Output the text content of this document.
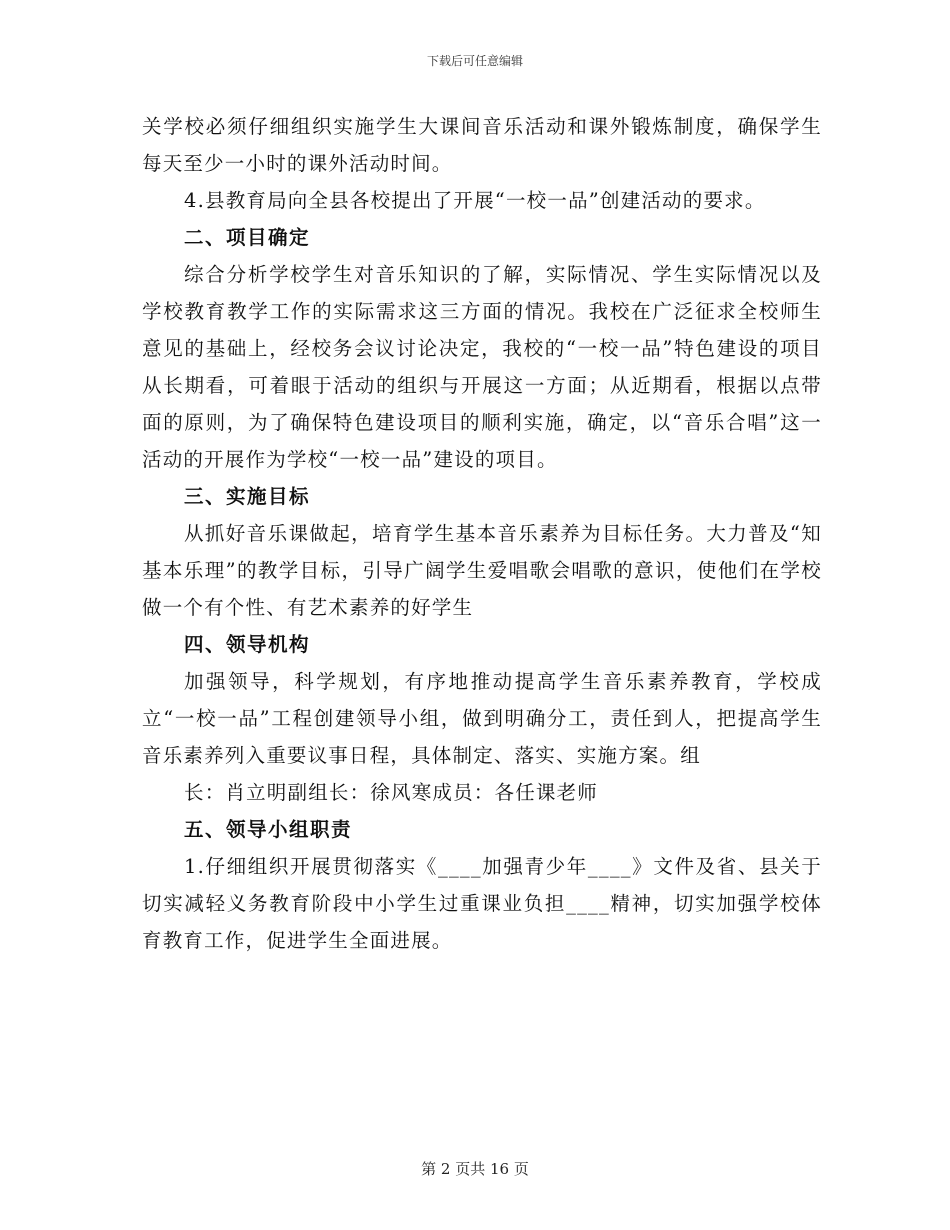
下载后可任意编辑

关学校必须仔细组织实施学生大课间音乐活动和课外锻炼制度，确保学生每天至少一小时的课外活动时间。

4.县教育局向全县各校提出了开展“一校一品”创建活动的要求。

二、项目确定

综合分析学校学生对音乐知识的了解，实际情况、学生实际情况以及学校教育教学工作的实际需求这三方面的情况。我校在广泛征求全校师生意见的基础上，经校务会议讨论决定，我校的“一校一品”特色建设的项目从长期看，可着眼于活动的组织与开展这一方面；从近期看，根据以点带面的原则，为了确保特色建设项目的顺利实施，确定，以“音乐合唱”这一活动的开展作为学校“一校一品”建设的项目。

三、实施目标

从抓好音乐课做起，培育学生基本音乐素养为目标任务。大力普及“知基本乐理”的教学目标，引导广阔学生爱唱歌会唱歌的意识，使他们在学校做一个有个性、有艺术素养的好学生

四、领导机构

加强领导，科学规划，有序地推动提高学生音乐素养教育，学校成立“一校一品”工程创建领导小组，做到明确分工，责任到人，把提高学生音乐素养列入重要议事日程，具体制定、落实、实施方案。组

长：肖立明副组长：徐风寒成员：各任课老师

五、领导小组职责

1.仔细组织开展贯彻落实《____加强青少年____》文件及省、县关于切实减轻义务教育阶段中小学生过重课业负担____精神，切实加强学校体育教育工作，促进学生全面进展。

第 2 页共 16 页
